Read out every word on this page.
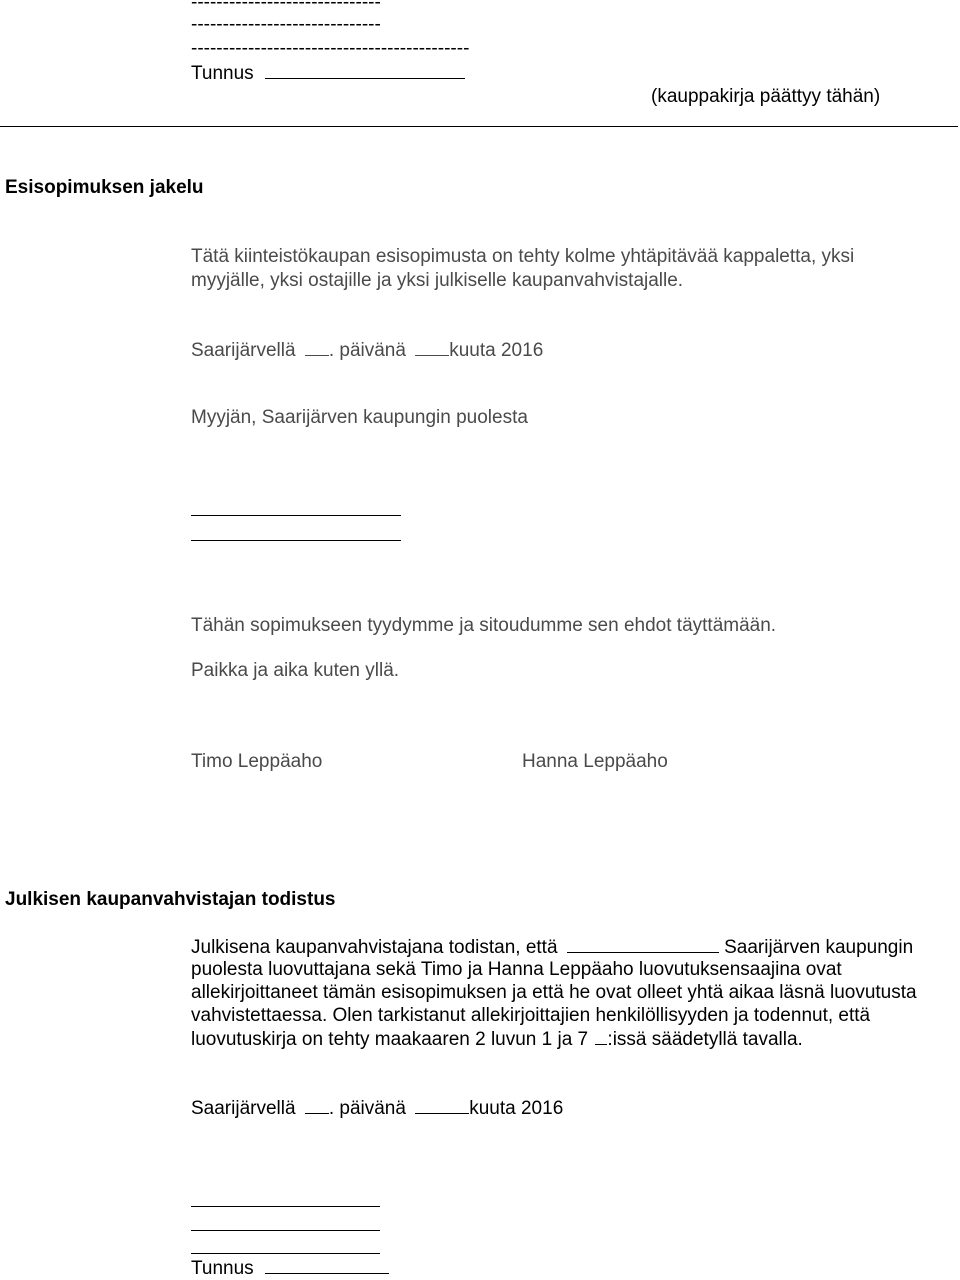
------------------------------
------------------------------
--------------------------------------------
Tunnus
(kauppakirja päättyy tähän)
Esisopimuksen jakelu
Tätä kiinteistökaupan esisopimusta on tehty kolme yhtäpitävää kappaletta, yksi myyjälle, yksi ostajille ja yksi julkiselle kaupanvahvistajalle.
Saarijärvellä . päivänä kuuta 2016
Myyjän, Saarijärven kaupungin puolesta
Tähän sopimukseen tyydymme ja sitoudumme sen ehdot täyttämään.
Paikka ja aika kuten yllä.
Timo Leppäaho	Hanna Leppäaho
Julkisen kaupanvahvistajan todistus
Julkisena kaupanvahvistajana todistan, että	Saarijärven kaupungin
puolesta luovuttajana sekä Timo ja Hanna Leppäaho luovutuksensaajina ovat
allekirjoittaneet tämän esisopimuksen ja että he ovat olleet yhtä aikaa läsnä luovutusta
vahvistettaessa. Olen tarkistanut allekirjoittajien henkilöllisyyden ja todennut, että
luovutuskirja on tehty maakaaren 2 luvun 1 ja 7 :issä säädetyllä tavalla.
Saarijärvellä . päivänä	kuuta 2016
Tunnus
